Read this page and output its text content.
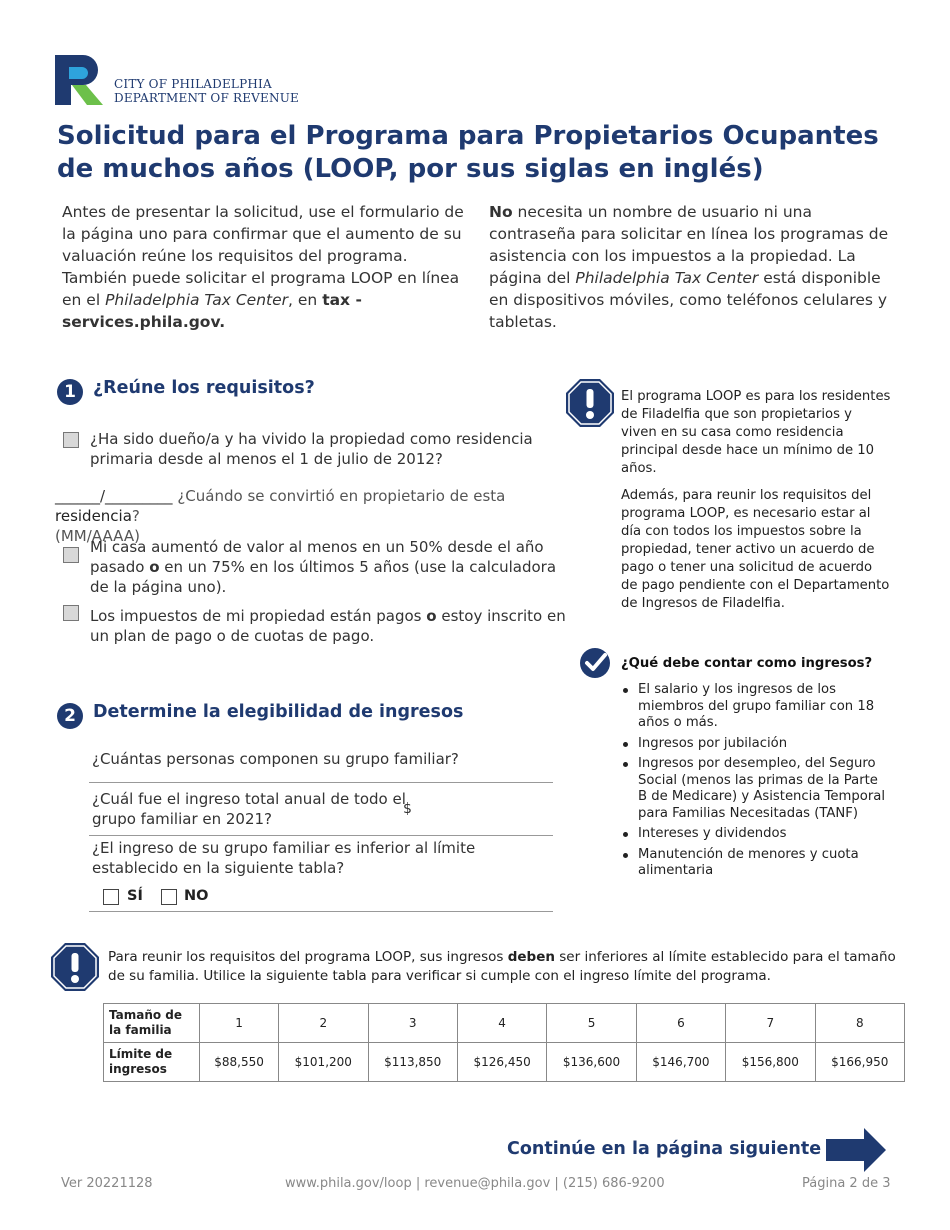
CITY OF PHILADELPHIA
DEPARTMENT OF REVENUE
Solicitud para el Programa para Propietarios Ocupantes de muchos años (LOOP, por sus siglas en inglés)
Antes de presentar la solicitud, use el formulario de la página uno para confirmar que el aumento de su valuación reúne los requisitos del programa. También puede solicitar el programa LOOP en línea en el Philadelphia Tax Center, en tax -services.phila.gov.
No necesita un nombre de usuario ni una contraseña para solicitar en línea los programas de asistencia con los impuestos a la propiedad. La página del Philadelphia Tax Center está disponible en dispositivos móviles, como teléfonos celulares y tabletas.
1 ¿Reúne los requisitos?
¿Ha sido dueño/a y ha vivido la propiedad como residencia primaria desde al menos el 1 de julio de 2012?
______/_________ ¿Cuándo se convirtió en propietario de esta residencia?
(MM/AAAA)
Mi casa aumentó de valor al menos en un 50% desde el año pasado o en un 75% en los últimos 5 años (use la calculadora de la página uno).
Los impuestos de mi propiedad están pagos o estoy inscrito en un plan de pago o de cuotas de pago.

El programa LOOP es para los residentes de Filadelfia que son propietarios y viven en su casa como residencia principal desde hace un mínimo de 10 años.

Además, para reunir los requisitos del programa LOOP, es necesario estar al día con todos los impuestos sobre la propiedad, tener activo un acuerdo de pago o tener una solicitud de acuerdo de pago pendiente con el Departamento de Ingresos de Filadelfia.

¿Qué debe contar como ingresos?
El salario y los ingresos de los miembros del grupo familiar con 18 años o más.
Ingresos por jubilación
Ingresos por desempleo, del Seguro Social (menos las primas de la Parte B de Medicare) y Asistencia Temporal para Familias Necesitadas (TANF)
Intereses y dividendos
Manutención de menores y cuota alimentaria
2 Determine la elegibilidad de ingresos
¿Cuántas personas componen su grupo familiar?
¿Cuál fue el ingreso total anual de todo el grupo familiar en 2021?
$
¿El ingreso de su grupo familiar es inferior al límite establecido en la siguiente tabla?
SÍ	NO
Para reunir los requisitos del programa LOOP, sus ingresos deben ser inferiores al límite establecido para el tamaño de su familia. Utilice la siguiente tabla para verificar si cumple con el ingreso límite del programa.
Tamaño de la familia	1	2	3	4	5	6	7	8
Límite de ingresos	$88,550	$101,200	$113,850	$126,450	$136,600	$146,700	$156,800	$166,950
Continúe en la página siguiente
Ver 20221128	www.phila.gov/loop | revenue@phila.gov | (215) 686-9200	Página 2 de 3
